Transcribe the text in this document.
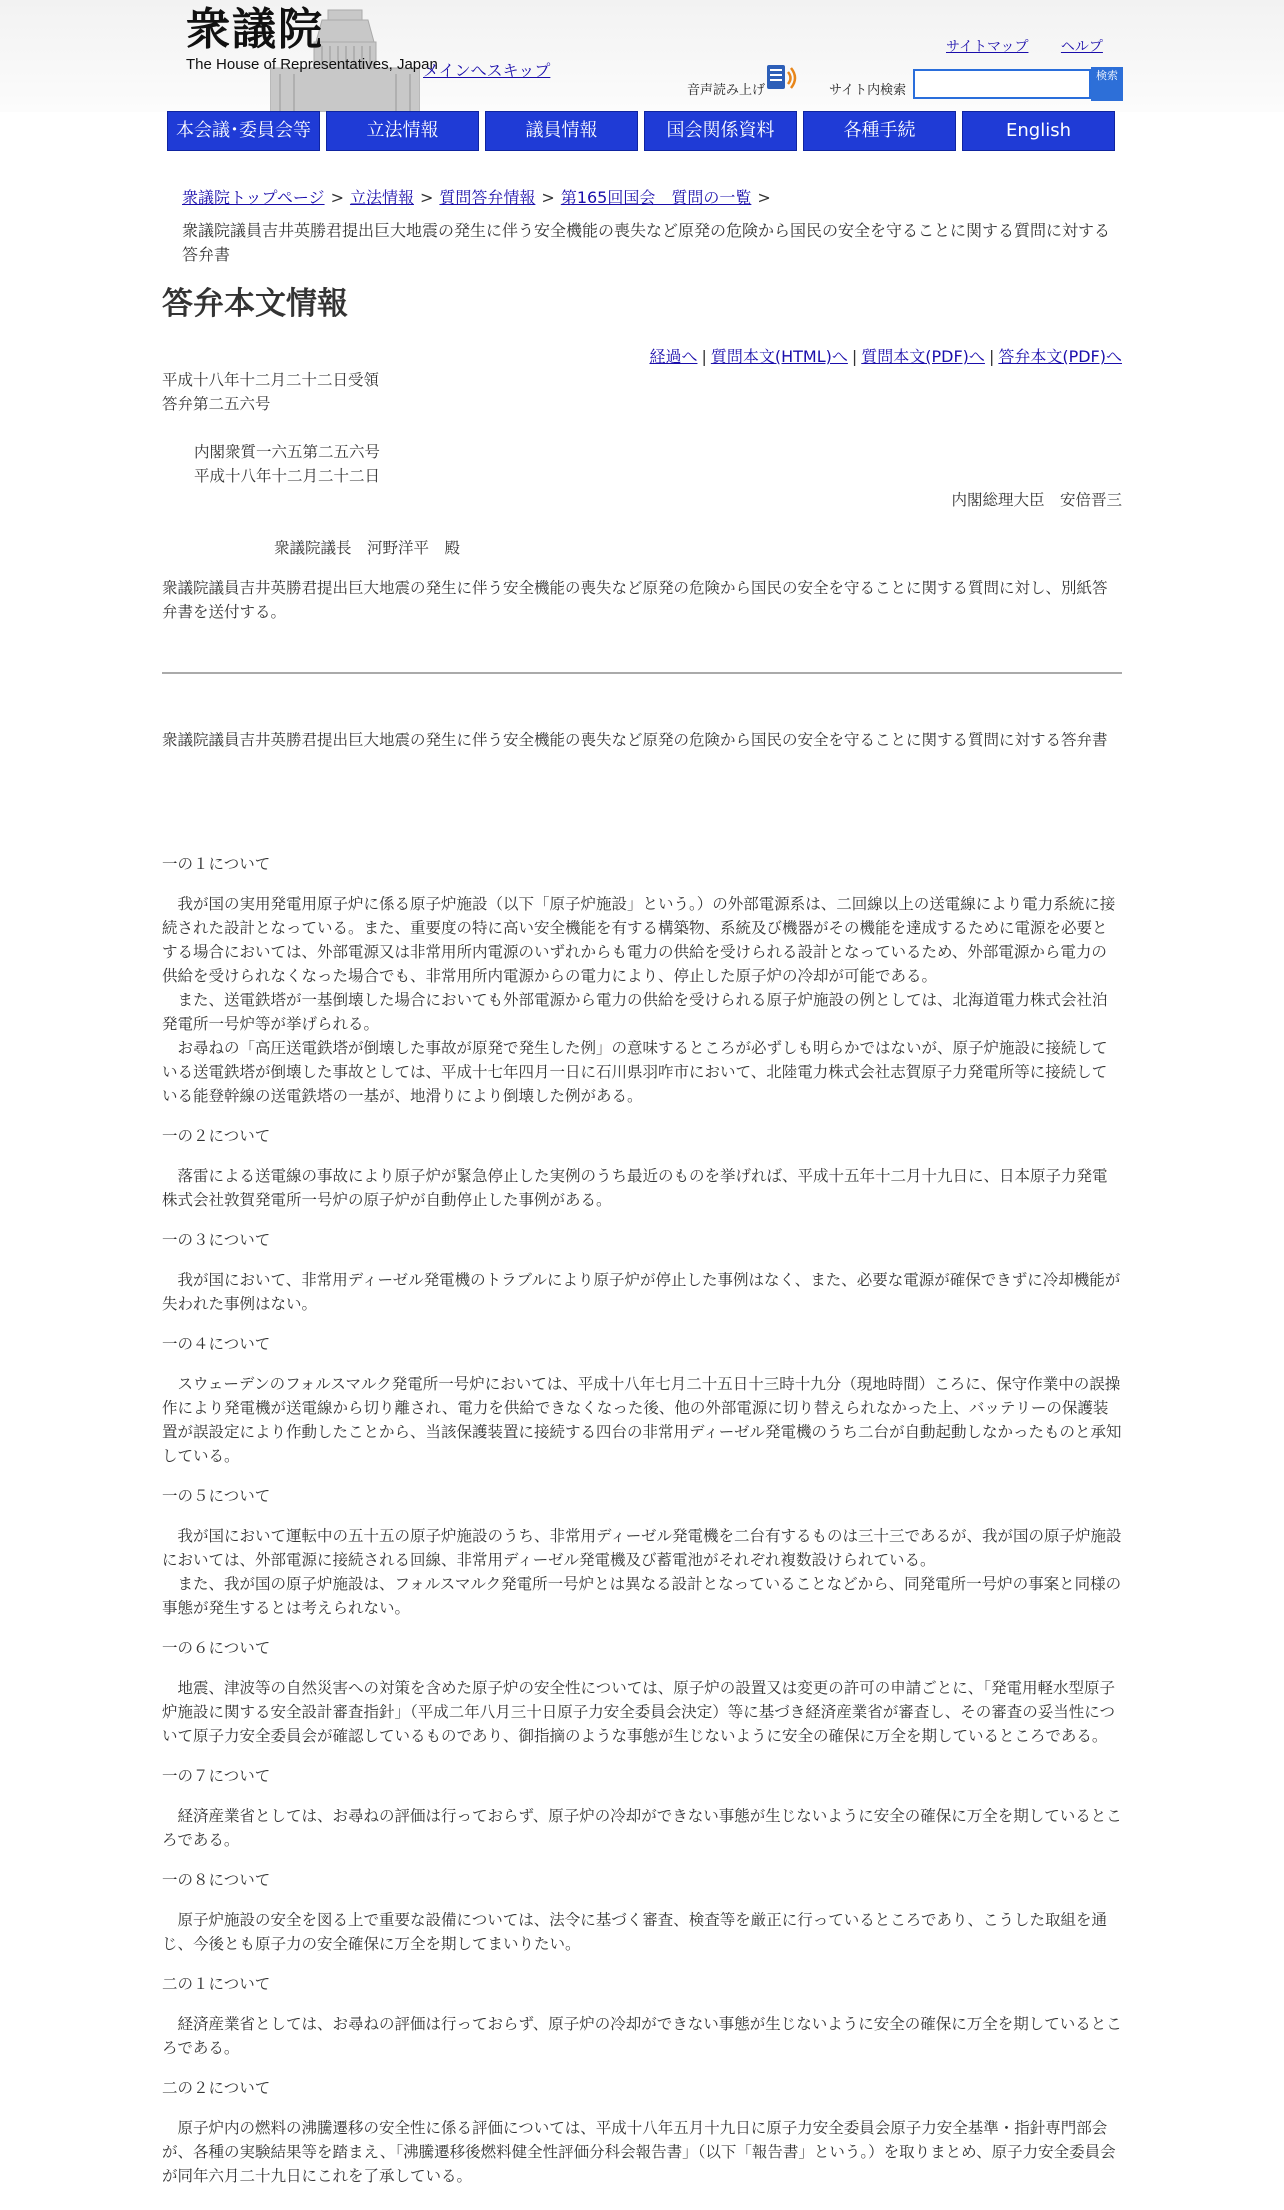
衆議院
The House of Representatives, Japan
メインへスキップ
サイトマップ ヘルプ
音声読み上げ	サイト内検索
検索
本会議･委員会等	立法情報	議員情報	国会関係資料	各種手続	English
衆議院トップページ > 立法情報 > 質問答弁情報 > 第165回国会　質問の一覧 >
衆議院議員吉井英勝君提出巨大地震の発生に伴う安全機能の喪失など原発の危険から国民の安全を守ることに関する質問に対する答弁書
答弁本文情報
経過へ | 質問本文(HTML)へ | 質問本文(PDF)へ | 答弁本文(PDF)へ
平成十八年十二月二十二日受領
答弁第二五六号
内閣衆質一六五第二五六号
平成十八年十二月二十二日
内閣総理大臣　安倍晋三
衆議院議長　河野洋平　殿
衆議院議員吉井英勝君提出巨大地震の発生に伴う安全機能の喪失など原発の危険から国民の安全を守ることに関する質問に対し、別紙答弁書を送付する。
衆議院議員吉井英勝君提出巨大地震の発生に伴う安全機能の喪失など原発の危険から国民の安全を守ることに関する質問に対する答弁書
一の１について

我が国の実用発電用原子炉に係る原子炉施設（以下「原子炉施設」という。）の外部電源系は、二回線以上の送電線により電力系統に接続された設計となっている。また、重要度の特に高い安全機能を有する構築物、系統及び機器がその機能を達成するために電源を必要とする場合においては、外部電源又は非常用所内電源のいずれからも電力の供給を受けられる設計となっているため、外部電源から電力の供給を受けられなくなった場合でも、非常用所内電源からの電力により、停止した原子炉の冷却が可能である。

また、送電鉄塔が一基倒壊した場合においても外部電源から電力の供給を受けられる原子炉施設の例としては、北海道電力株式会社泊発電所一号炉等が挙げられる。

お尋ねの「高圧送電鉄塔が倒壊した事故が原発で発生した例」の意味するところが必ずしも明らかではないが、原子炉施設に接続している送電鉄塔が倒壊した事故としては、平成十七年四月一日に石川県羽咋市において、北陸電力株式会社志賀原子力発電所等に接続している能登幹線の送電鉄塔の一基が、地滑りにより倒壊した例がある。

一の２について

落雷による送電線の事故により原子炉が緊急停止した実例のうち最近のものを挙げれば、平成十五年十二月十九日に、日本原子力発電株式会社敦賀発電所一号炉の原子炉が自動停止した事例がある。

一の３について

我が国において、非常用ディーゼル発電機のトラブルにより原子炉が停止した事例はなく、また、必要な電源が確保できずに冷却機能が失われた事例はない。

一の４について

スウェーデンのフォルスマルク発電所一号炉においては、平成十八年七月二十五日十三時十九分（現地時間）ころに、保守作業中の誤操作により発電機が送電線から切り離され、電力を供給できなくなった後、他の外部電源に切り替えられなかった上、バッテリーの保護装置が誤設定により作動したことから、当該保護装置に接続する四台の非常用ディーゼル発電機のうち二台が自動起動しなかったものと承知している。

一の５について

我が国において運転中の五十五の原子炉施設のうち、非常用ディーゼル発電機を二台有するものは三十三であるが、我が国の原子炉施設においては、外部電源に接続される回線、非常用ディーゼル発電機及び蓄電池がそれぞれ複数設けられている。

また、我が国の原子炉施設は、フォルスマルク発電所一号炉とは異なる設計となっていることなどから、同発電所一号炉の事案と同様の事態が発生するとは考えられない。

一の６について

地震、津波等の自然災害への対策を含めた原子炉の安全性については、原子炉の設置又は変更の許可の申請ごとに、「発電用軽水型原子炉施設に関する安全設計審査指針」（平成二年八月三十日原子力安全委員会決定）等に基づき経済産業省が審査し、その審査の妥当性について原子力安全委員会が確認しているものであり、御指摘のような事態が生じないように安全の確保に万全を期しているところである。

一の７について

経済産業省としては、お尋ねの評価は行っておらず、原子炉の冷却ができない事態が生じないように安全の確保に万全を期しているところである。

一の８について

原子炉施設の安全を図る上で重要な設備については、法令に基づく審査、検査等を厳正に行っているところであり、こうした取組を通じ、今後とも原子力の安全確保に万全を期してまいりたい。

二の１について

経済産業省としては、お尋ねの評価は行っておらず、原子炉の冷却ができない事態が生じないように安全の確保に万全を期しているところである。

二の２について

原子炉内の燃料の沸騰遷移の安全性に係る評価については、平成十八年五月十九日に原子力安全委員会原子力安全基準・指針専門部会が、各種の実験結果等を踏まえ、「沸騰遷移後燃料健全性評価分科会報告書」（以下「報告書」という。）を取りまとめ、原子力安全委員会が同年六月二十九日にこれを了承している。
